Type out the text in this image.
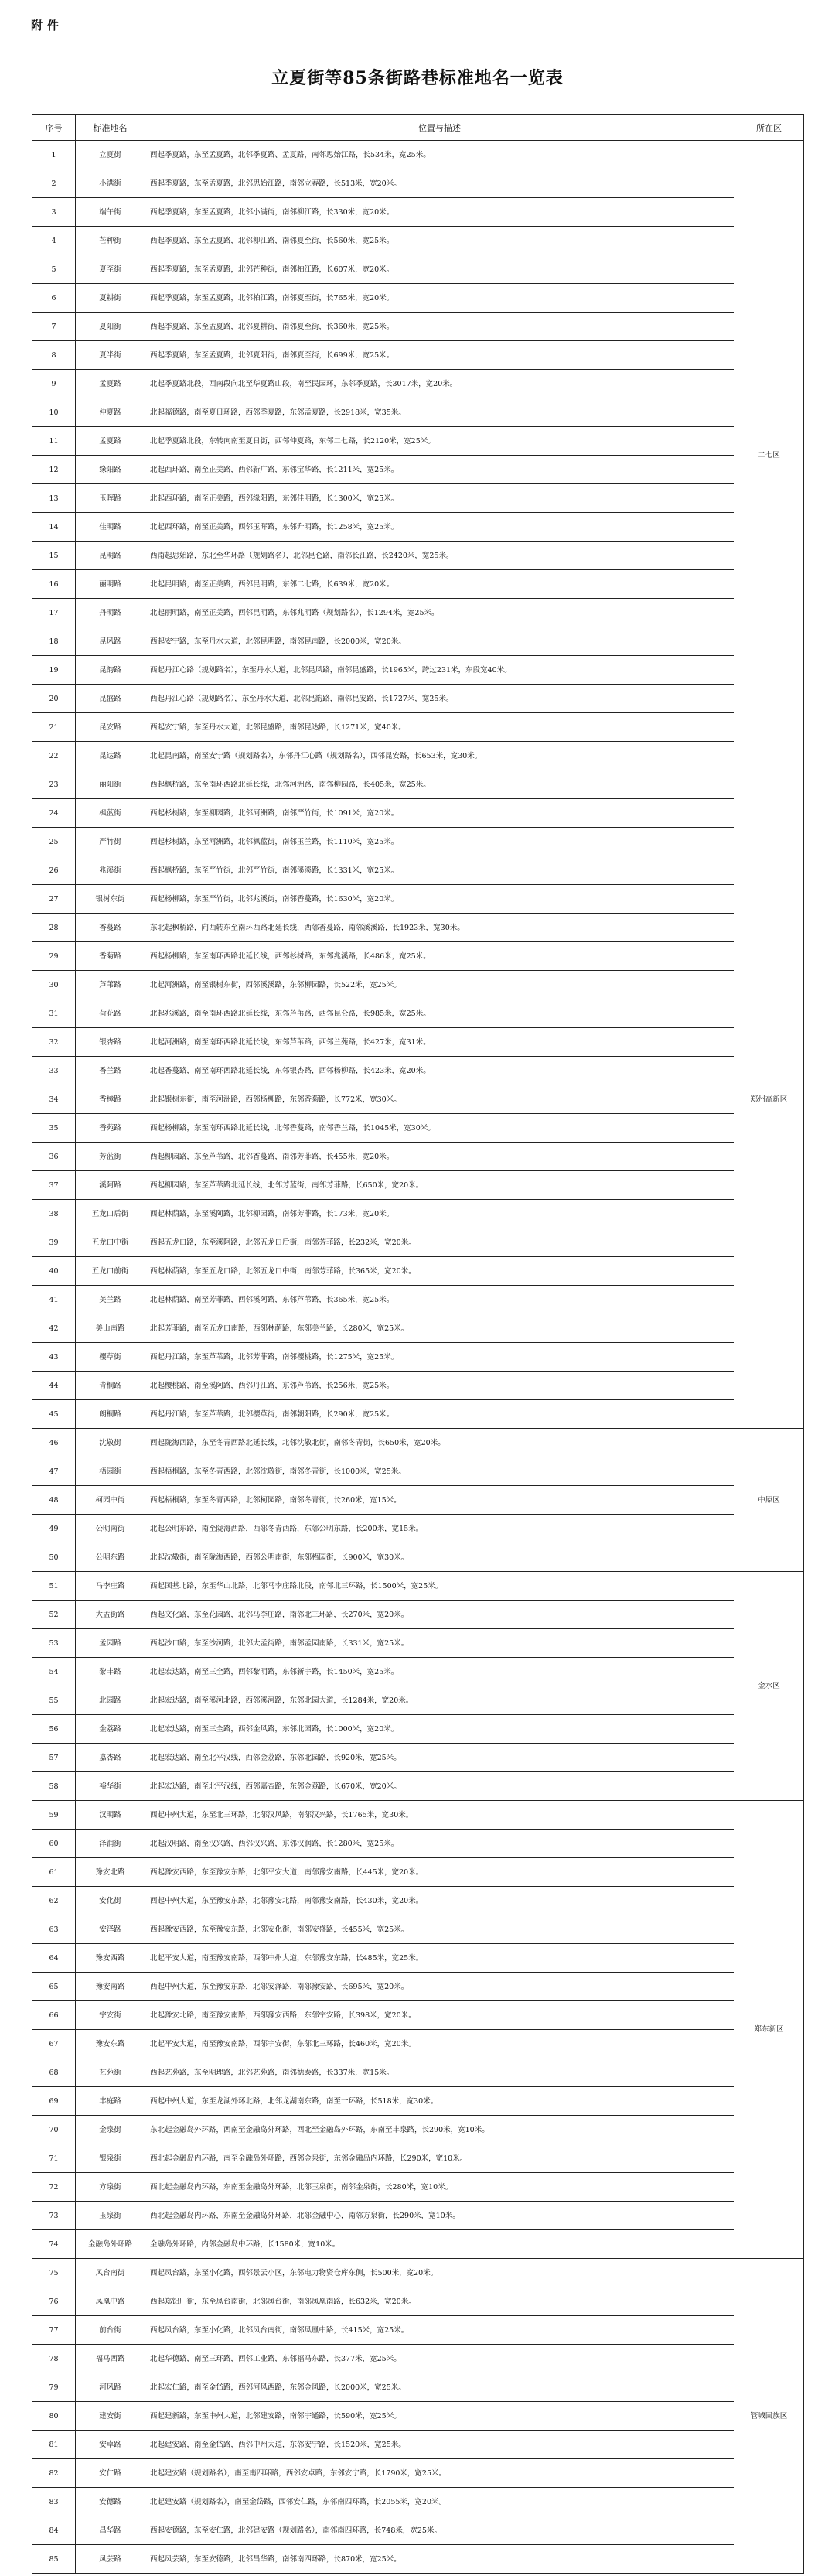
附件
立夏街等85条街路巷标准地名一览表
序号	标准地名	位置与描述	所在区
1	立夏街	西起季夏路，东至孟夏路，北邻季夏路、孟夏路，南邻思始江路，长534米，宽25米。	二七区
2	小满街	西起季夏路，东至孟夏路，北邻思始江路，南邻立春路，长513米，宽20米。	
3	端午街	西起季夏路，东至孟夏路，北邻小满街，南邻柳江路，长330米，宽20米。	
4	芒种街	西起季夏路，东至孟夏路，北邻柳江路，南邻夏至街，长560米，宽25米。	
5	夏至街	西起季夏路，东至孟夏路，北邻芒种街，南邻柏江路，长607米，宽20米。	
6	夏耕街	西起季夏路，东至孟夏路，北邻柏江路，南邻夏至街，长765米，宽20米。	
7	夏阳街	西起季夏路，东至孟夏路，北邻夏耕街，南邻夏至街，长360米，宽25米。	
8	夏半街	西起季夏路，东至孟夏路，北邻夏阳街，南邻夏至街，长699米，宽25米。	
9	孟夏路	北起季夏路北段，西南段向北至华夏路山段，南至民园环，东邻季夏路，长3017米，宽20米。	
10	仲夏路	北起福德路，南至夏日环路，西邻季夏路，东邻孟夏路，长2918米，宽35米。	
11	孟夏路	北起季夏路北段，东转向南至夏日街，西邻仲夏路，东邻二七路，长2120米，宽25米。	
12	缘阳路	北起西环路，南至正美路，西邻新广路，东邻宝华路，长1211米，宽25米。	
13	玉晖路	北起西环路，南至正美路，西邻缘阳路，东邻佳明路，长1300米，宽25米。	
14	佳明路	北起西环路，南至正美路，西邻玉晖路，东邻升明路，长1258米，宽25米。	
15	昆明路	西南起思始路，东北至华环路（规划路名），北邻昆仑路，南邻长江路，长2420米，宽25米。	
16	丽明路	北起昆明路，南至正美路，西邻昆明路，东邻二七路，长639米，宽20米。	
17	丹明路	北起丽明路，南至正美路，西邻昆明路，东邻兆明路（规划路名），长1294米，宽25米。	
18	昆风路	西起安宁路，东至丹水大道，北邻昆明路，南邻昆南路，长2000米，宽20米。	
19	昆韵路	西起丹江心路（规划路名），东至丹水大道，北邻昆风路，南邻昆盛路，长1965米，跨过231米，东段宽40米。	
20	昆盛路	西起丹江心路（规划路名），东至丹水大道，北邻昆韵路，南邻昆安路，长1727米，宽25米。	
21	昆安路	西起安宁路，东至丹水大道，北邻昆盛路，南邻昆达路，长1271米，宽40米。	
22	昆达路	北起昆南路，南至安宁路（规划路名），东邻丹江心路（规划路名），西邻昆安路，长653米，宽30米。	
23	丽阳街	西起枫桥路，东至南环西路北延长线，北邻河洲路，南邻柳园路，长405米，宽25米。	郑州高新区
24	枫蓝街	西起杉树路，东至柳园路，北邻河洲路，南邻严竹街，长1091米，宽20米。	
25	严竹街	西起杉树路，东至河洲路，北邻枫蓝街，南邻玉兰路，长1110米，宽25米。	
26	兆溪街	西起枫桥路，东至严竹街，北邻严竹街，南邻溪溪路，长1331米，宽25米。	
27	银树东街	西起杨柳路，东至严竹街，北邻兆溪街，南邻香蔓路，长1630米，宽20米。	
28	香蔓路	东北起枫桥路，向西转东至南环西路北延长线，西邻香蔓路，南邻溪溪路，长1923米，宽30米。	
29	香菊路	西起杨柳路，东至南环西路北延长线，西邻杉树路，东邻兆溪路，长486米，宽25米。	
30	芦苇路	北起河洲路，南至银树东街，西邻溪溪路，东邻柳园路，长522米，宽25米。	
31	荷花路	北起兆溪路，南至南环西路北延长线，东邻芦苇路，西邻昆仑路，长985米，宽25米。	
32	银杏路	北起河洲路，南至南环西路北延长线，东邻芦苇路，西邻兰苑路，长427米，宽31米。	
33	香兰路	北起香蔓路，南至南环西路北延长线，东邻银杏路，西邻杨柳路，长423米，宽20米。	
34	香樟路	北起银树东街，南至河洲路，西邻杨柳路，东邻香菊路，长772米，宽30米。	
35	香苑路	西起杨柳路，东至南环西路北延长线，北邻香蔓路，南邻香兰路，长1045米，宽30米。	
36	芳蓝街	西起柳园路，东至芦苇路，北邻香蔓路，南邻芳菲路，长455米，宽20米。	
37	溪阿路	西起柳园路，东至芦苇路北延长线，北邻芳蓝街，南邻芳菲路，长650米，宽20米。	
38	五龙口后街	西起林荫路，东至溪阿路，北邻柳园路，南邻芳菲路，长173米，宽20米。	
39	五龙口中街	西起五龙口路，东至溪阿路，北邻五龙口后街，南邻芳菲路，长232米，宽20米。	
40	五龙口前街	西起林荫路，东至五龙口路，北邻五龙口中街，南邻芳菲路，长365米，宽20米。	
41	美兰路	北起林荫路，南至芳菲路，西邻溪阿路，东邻芦苇路，长365米，宽25米。	
42	美山南路	北起芳菲路，南至五龙口南路，西邻林荫路，东邻美兰路，长280米，宽25米。	
43	樱草街	西起丹江路，东至芦苇路，北邻芳菲路，南邻樱桃路，长1275米，宽25米。	
44	青桐路	北起樱桃路，南至溪阿路，西邻丹江路，东邻芦苇路，长256米，宽25米。	
45	朗桐路	西起丹江路，东至芦苇路，北邻樱草街，南邻朝阳路，长290米，宽25米。	
46	沈敬街	西起陇海西路，东至冬青西路北延长线，北邻沈敬北街，南邻冬青街，长650米，宽20米。	中原区
47	梧园街	西起梧桐路，东至冬青西路，北邻沈敬街，南邻冬青街，长1000米，宽25米。	
48	柯园中街	西起梧桐路，东至冬青西路，北邻柯园路，南邻冬青街，长260米，宽15米。	
49	公明南街	北起公明东路，南至陇海西路，西邻冬青西路，东邻公明东路，长200米，宽15米。	
50	公明东路	北起沈敬街，南至陇海西路，西邻公明南街，东邻梧园街，长900米，宽30米。	
51	马李庄路	西起国基北路，东至华山北路，北邻马李庄路北段，南邻北三环路，长1500米，宽25米。	金水区
52	大孟街路	西起文化路，东至花园路，北邻马李庄路，南邻北三环路，长270米，宽20米。	
53	孟园路	西起沙口路，东至沙河路，北邻大孟街路，南邻孟园南路，长331米，宽25米。	
54	黎丰路	北起宏达路，南至三全路，西邻黎明路，东邻新宇路，长1450米，宽25米。	
55	北园路	北起宏达路，南至溪河北路，西邻溪河路，东邻北园大道，长1284米，宽20米。	
56	金荔路	北起宏达路，南至三全路，西邻金风路，东邻北园路，长1000米，宽20米。	
57	嘉杏路	北起宏达路，南至北平汉线，西邻金荔路，东邻北园路，长920米，宽25米。	
58	裕华街	北起宏达路，南至北平汉线，西邻嘉杏路，东邻金荔路，长670米，宽20米。	
59	汉明路	西起中州大道，东至北三环路，北邻汉风路，南邻汉兴路，长1765米，宽30米。	郑东新区
60	泽润街	北起汉明路，南至汉兴路，西邻汉兴路，东邻汉润路，长1280米，宽25米。	
61	豫安北路	西起豫安西路，东至豫安东路，北邻平安大道，南邻豫安南路，长445米，宽20米。	
62	安化街	西起中州大道，东至豫安东路，北邻豫安北路，南邻豫安南路，长430米，宽20米。	
63	安泽路	西起豫安西路，东至豫安东路，北邻安化街，南邻安盛路，长455米，宽25米。	
64	豫安西路	北起平安大道，南至豫安南路，西邻中州大道，东邻豫安东路，长485米，宽25米。	
65	豫安南路	西起中州大道，东至豫安东路，北邻安泽路，南邻豫安路，长695米，宽20米。	
66	宇安街	北起豫安北路，南至豫安南路，西邻豫安西路，东邻宇安路，长398米，宽20米。	
67	豫安东路	北起平安大道，南至豫安南路，西邻宇安街，东邻北三环路，长460米，宽20米。	
68	艺苑街	西起艺苑路，东至明理路，北邻艺苑路，南邻德泰路，长337米，宽15米。	
69	丰庭路	西起中州大道，东至龙湖外环北路，北邻龙湖南东路，南至一环路，长518米，宽30米。	
70	金泉街	东北起金融岛外环路，西南至金融岛外环路，西北至金融岛外环路，东南至丰泉路，长290米，宽10米。	
71	银泉街	西北起金融岛内环路，南至金融岛外环路，西邻金泉街，东邻金融岛内环路，长290米，宽10米。	
72	方泉街	西北起金融岛内环路，东南至金融岛外环路，北邻玉泉街，南邻金泉街，长280米，宽10米。	
73	玉泉街	西北起金融岛内环路，东南至金融岛外环路，北邻金融中心，南邻方泉街，长290米，宽10米。	
74	金融岛外环路	金融岛外环路，内邻金融岛中环路，长1580米，宽10米。	
75	风台南街	西起凤台路，东至小化路，西邻景云小区，东邻电力物资仓库东侧，长500米，宽20米。	管城回族区
76	凤凰中路	西起郑铝厂街，东至凤台南街，北邻凤台街，南邻凤凰南路，长632米，宽20米。	
77	前台街	西起凤台路，东至小化路，北邻凤台南街，南邻凤凰中路，长415米，宽25米。	
78	福马西路	北起华德路，南至三环路，西邻工业路，东邻福马东路，长377米，宽25米。	
79	河风路	北起宏仁路，南至金岱路，西邻河风西路，东邻金风路，长2000米，宽25米。	
80	建安街	西起建新路，东至中州大道，北邻建安路，南邻宇通路，长590米，宽25米。	
81	安卓路	北起建安路，南至金岱路，西邻中州大道，东邻安宁路，长1520米，宽25米。	
82	安仁路	北起建安路（规划路名），南至南四环路，西邻安卓路，东邻安宁路，长1790米，宽25米。	
83	安德路	北起建安路（规划路名），南至金岱路，西邻安仁路，东邻南四环路，长2055米，宽20米。	
84	昌华路	西起安德路，东至安仁路，北邻建安路（规划路名），南邻南四环路，长748米，宽25米。	
85	凤芸路	西起凤芸路，东至安德路，北邻昌华路，南邻南四环路，长870米，宽25米。	
